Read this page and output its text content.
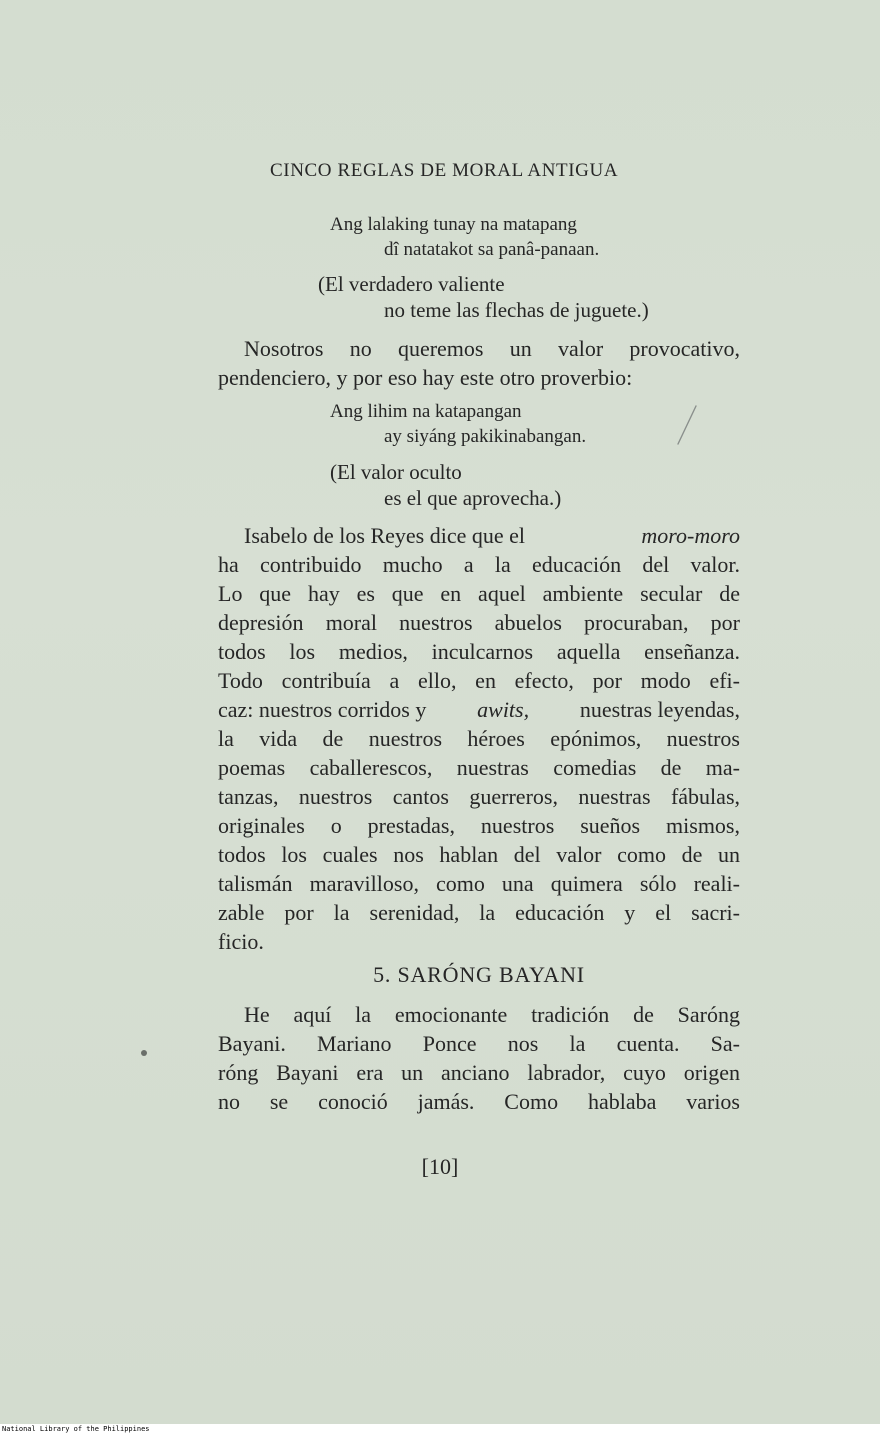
CINCO REGLAS DE MORAL ANTIGUA
Ang lalaking tunay na matapang
dî natatakot sa panâ-panaan.
(El verdadero valiente
no teme las flechas de juguete.)
Nosotros no queremos un valor provocativo,
pendenciero, y por eso hay este otro proverbio:
Ang lihim na katapangan
ay siyáng pakikinabangan.
(El valor oculto
es el que aprovecha.)
Isabelo de los Reyes dice que el	moro-moro
ha contribuido mucho a la educación del valor.
Lo que hay es que en aquel ambiente secular de
depresión moral nuestros abuelos procuraban, por
todos los medios, inculcarnos aquella enseñanza.
Todo contribuía a ello, en efecto, por modo efi-
caz: nuestros corridos y awits, nuestras leyendas,
la vida de nuestros héroes epónimos, nuestros
poemas caballerescos, nuestras comedias de ma-
tanzas, nuestros cantos guerreros, nuestras fábulas,
originales o prestadas, nuestros sueños mismos,
todos los cuales nos hablan del valor como de un
talismán maravilloso, como una quimera sólo reali-
zable por la serenidad, la educación y el sacri-
ficio.
5. SARÓNG BAYANI
He aquí la emocionante tradición de Saróng
Bayani. Mariano Ponce nos la cuenta. Sa-
róng Bayani era un anciano labrador, cuyo origen
no se conoció jamás. Como hablaba varios
[10]
National Library of the Philippines
